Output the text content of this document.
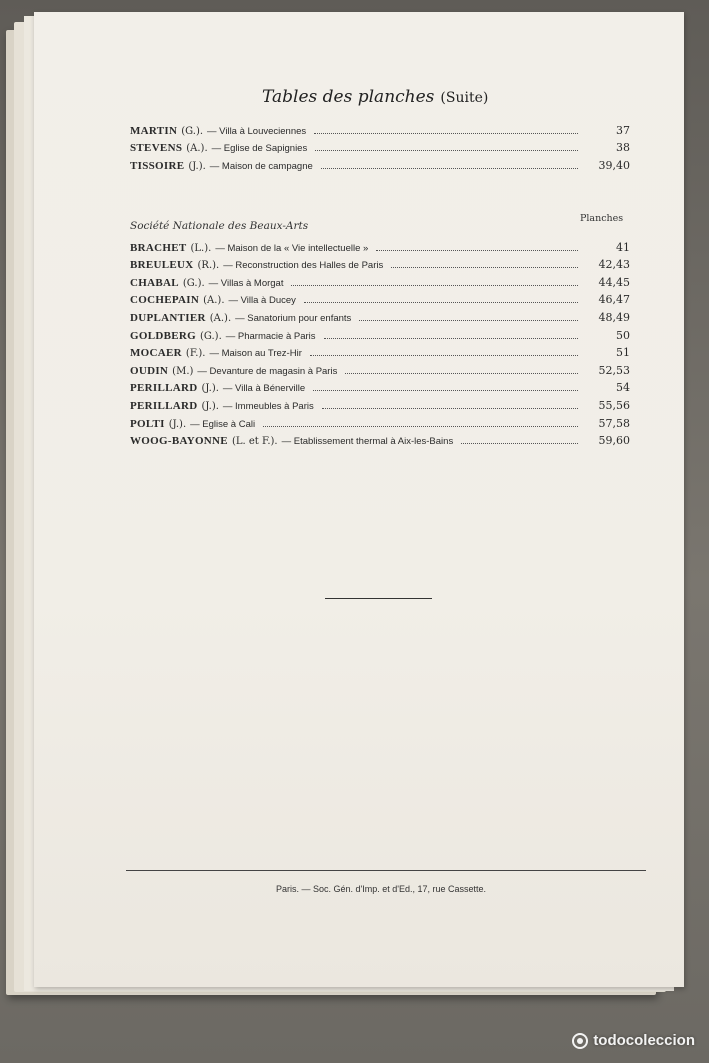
Tables des planches (Suite)
MARTIN (G.). — Villa à Louveciennes	37
STEVENS (A.). — Eglise de Sapignies	38
TISSOIRE (J.). — Maison de campagne	39,40
Société Nationale des Beaux-Arts
Planches
BRACHET (L.). — Maison de la « Vie intellectuelle »	41
BREULEUX (R.). — Reconstruction des Halles de Paris	42,43
CHABAL (G.). — Villas à Morgat	44,45
COCHEPAIN (A.). — Villa à Ducey	46,47
DUPLANTIER (A.). — Sanatorium pour enfants	48,49
GOLDBERG (G.). — Pharmacie à Paris	50
MOCAER (F.). — Maison au Trez-Hir	51
OUDIN (M.) — Devanture de magasin à Paris	52,53
PERILLARD (J.). — Villa à Bénerville	54
PERILLARD (J.). — Immeubles à Paris	55,56
POLTI (J.). — Eglise à Cali	57,58
WOOG-BAYONNE (L. et F.). — Etablissement thermal à Aix-les-Bains	59,60
Paris. — Soc. Gén. d'Imp. et d'Ed., 17, rue Cassette.
todocoleccion
